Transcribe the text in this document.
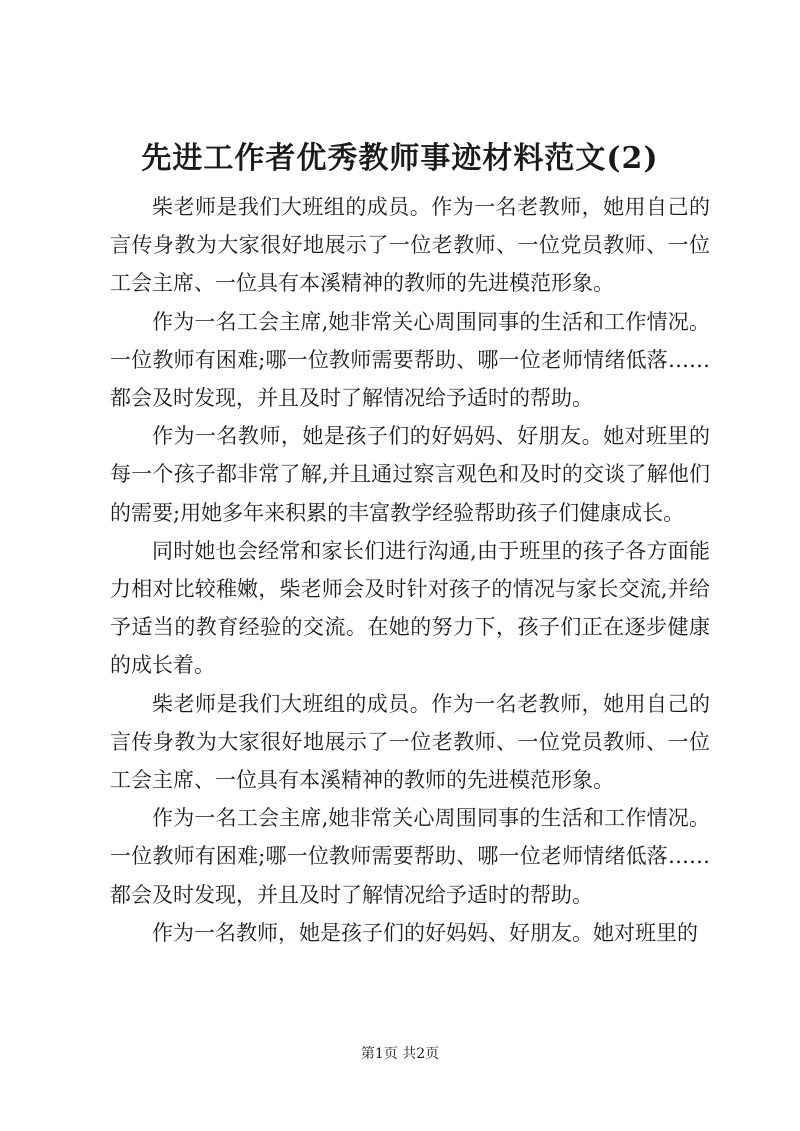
先进工作者优秀教师事迹材料范文(2)

柴老师是我们大班组的成员。作为一名老教师，她用自己的言传身教为大家很好地展示了一位老教师、一位党员教师、一位工会主席、一位具有本溪精神的教师的先进模范形象。

作为一名工会主席,她非常关心周围同事的生活和工作情况。一位教师有困难;哪一位教师需要帮助、哪一位老师情绪低落……都会及时发现，并且及时了解情况给予适时的帮助。

作为一名教师，她是孩子们的好妈妈、好朋友。她对班里的每一个孩子都非常了解,并且通过察言观色和及时的交谈了解他们的需要;用她多年来积累的丰富教学经验帮助孩子们健康成长。

同时她也会经常和家长们进行沟通,由于班里的孩子各方面能力相对比较稚嫩，柴老师会及时针对孩子的情况与家长交流,并给予适当的教育经验的交流。在她的努力下，孩子们正在逐步健康的成长着。

柴老师是我们大班组的成员。作为一名老教师，她用自己的言传身教为大家很好地展示了一位老教师、一位党员教师、一位工会主席、一位具有本溪精神的教师的先进模范形象。

作为一名工会主席,她非常关心周围同事的生活和工作情况。一位教师有困难;哪一位教师需要帮助、哪一位老师情绪低落……都会及时发现，并且及时了解情况给予适时的帮助。

作为一名教师，她是孩子们的好妈妈、好朋友。她对班里的

第1页 共2页
